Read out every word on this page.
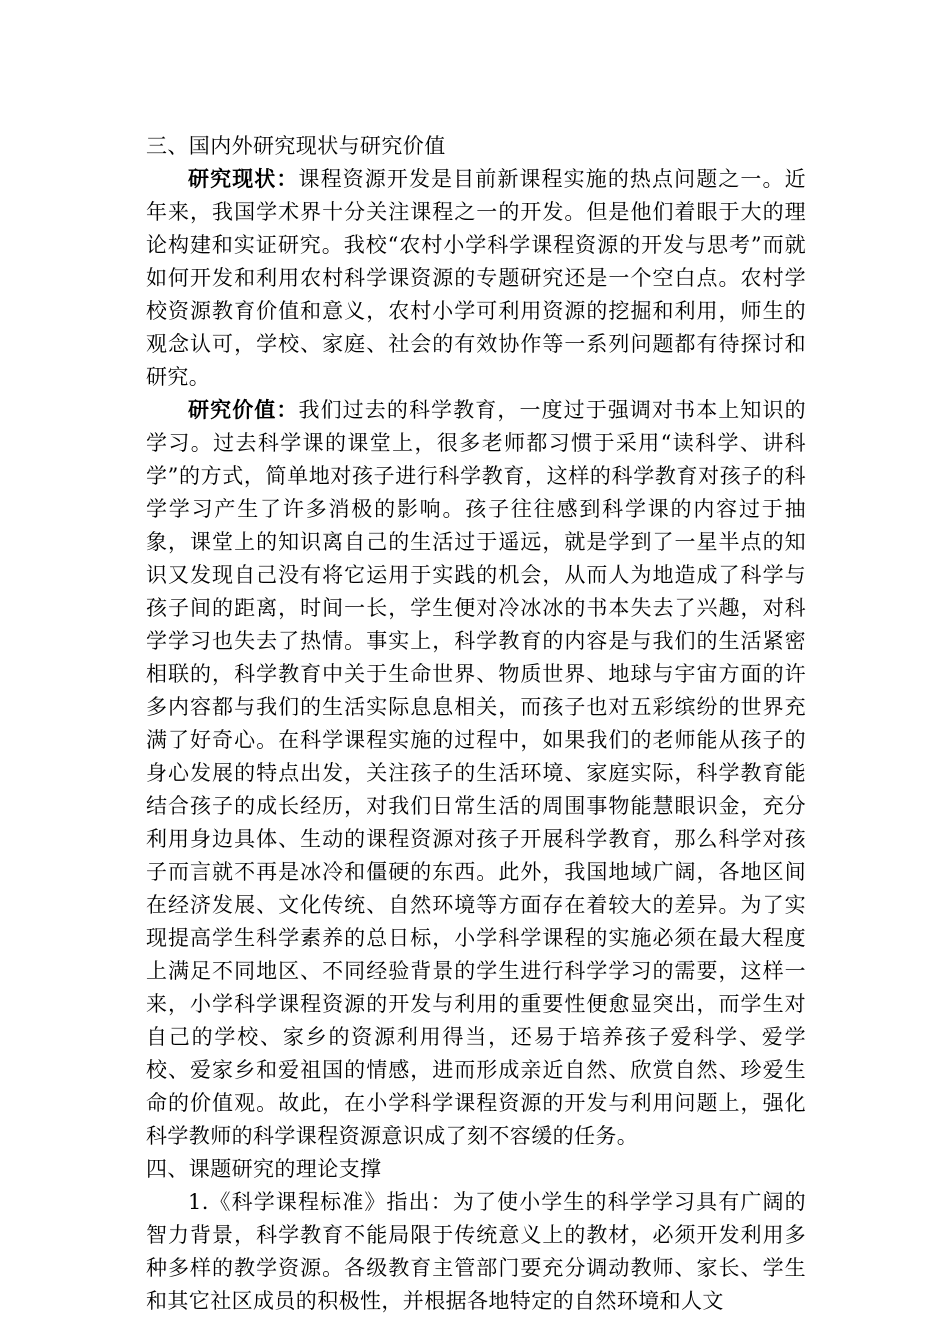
三、国内外研究现状与研究价值

研究现状：课程资源开发是目前新课程实施的热点问题之一。近年来，我国学术界十分关注课程之一的开发。但是他们着眼于大的理论构建和实证研究。我校“农村小学科学课程资源的开发与思考”而就如何开发和利用农村科学课资源的专题研究还是一个空白点。农村学校资源教育价值和意义，农村小学可利用资源的挖掘和利用，师生的观念认可，学校、家庭、社会的有效协作等一系列问题都有待探讨和研究。

研究价值：我们过去的科学教育，一度过于强调对书本上知识的学习。过去科学课的课堂上，很多老师都习惯于采用“读科学、讲科学”的方式，简单地对孩子进行科学教育，这样的科学教育对孩子的科学学习产生了许多消极的影响。孩子往往感到科学课的内容过于抽象，课堂上的知识离自己的生活过于遥远，就是学到了一星半点的知识又发现自己没有将它运用于实践的机会，从而人为地造成了科学与孩子间的距离，时间一长，学生便对冷冰冰的书本失去了兴趣，对科学学习也失去了热情。事实上，科学教育的内容是与我们的生活紧密相联的，科学教育中关于生命世界、物质世界、地球与宇宙方面的许多内容都与我们的生活实际息息相关，而孩子也对五彩缤纷的世界充满了好奇心。在科学课程实施的过程中，如果我们的老师能从孩子的身心发展的特点出发，关注孩子的生活环境、家庭实际，科学教育能结合孩子的成长经历，对我们日常生活的周围事物能慧眼识金，充分利用身边具体、生动的课程资源对孩子开展科学教育，那么科学对孩子而言就不再是冰冷和僵硬的东西。此外，我国地域广阔，各地区间在经济发展、文化传统、自然环境等方面存在着较大的差异。为了实现提高学生科学素养的总日标，小学科学课程的实施必须在最大程度上满足不同地区、不同经验背景的学生进行科学学习的需要，这样一来，小学科学课程资源的开发与利用的重要性便愈显突出，而学生对自己的学校、家乡的资源利用得当，还易于培养孩子爱科学、爱学校、爱家乡和爱祖国的情感，进而形成亲近自然、欣赏自然、珍爱生命的价值观。故此，在小学科学课程资源的开发与利用问题上，强化科学教师的科学课程资源意识成了刻不容缓的任务。

四、课题研究的理论支撑

1.《科学课程标准》指出：为了使小学生的科学学习具有广阔的智力背景，科学教育不能局限于传统意义上的教材，必须开发利用多种多样的教学资源。各级教育主管部门要充分调动教师、家长、学生和其它社区成员的积极性，并根据各地特定的自然环境和人文
